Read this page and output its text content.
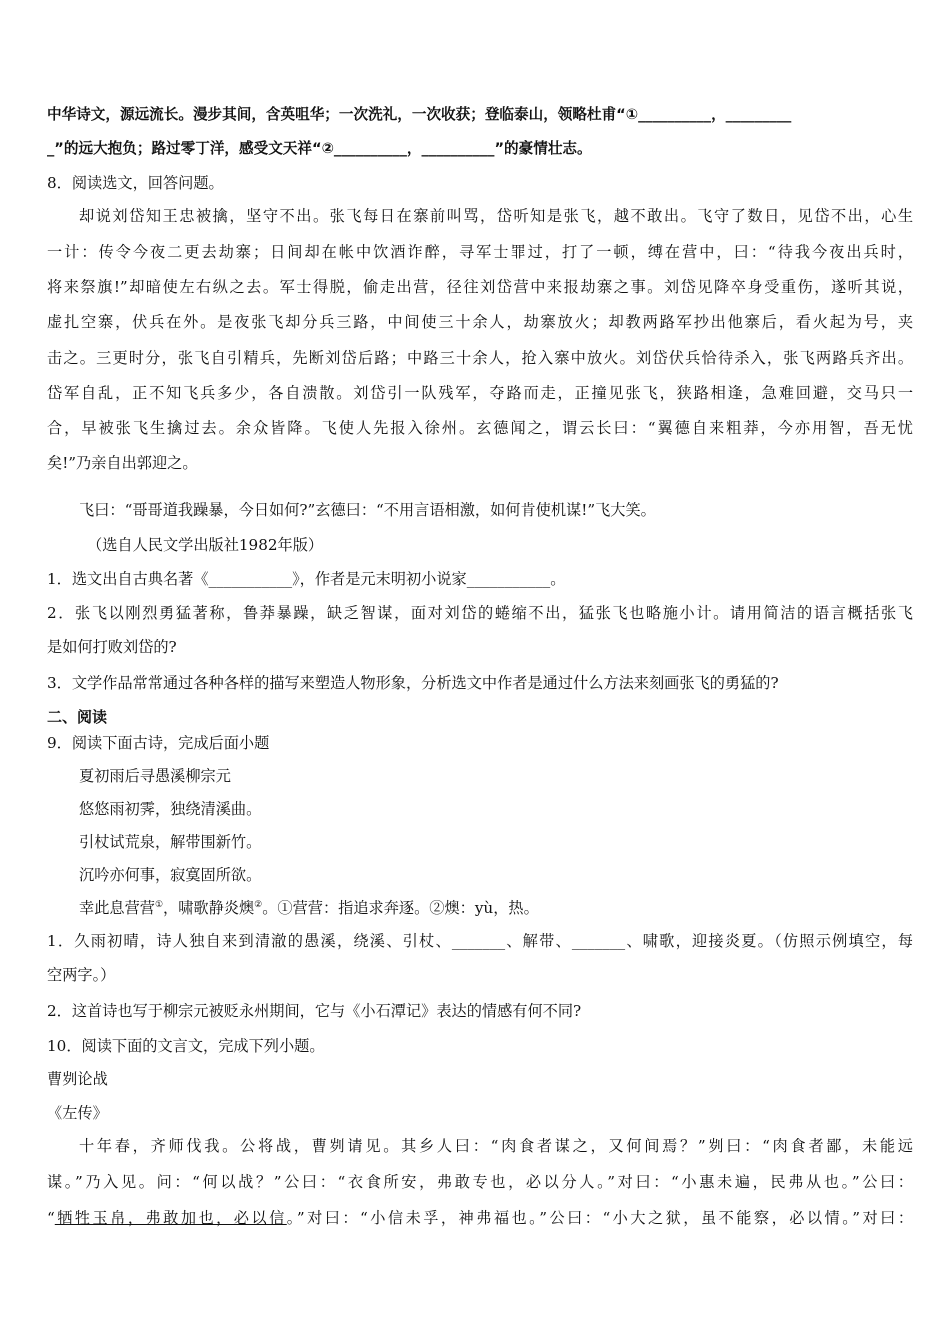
中华诗文，源远流长。漫步其间，含英咀华；一次洗礼，一次收获；登临泰山，领略杜甫“①__________，_________
_”的远大抱负；路过零丁洋，感受文天祥“②__________，__________”的豪情壮志。
8．阅读选文，回答问题。
却说刘岱知王忠被擒，坚守不出。张飞每日在寨前叫骂，岱听知是张飞，越不敢出。飞守了数日，见岱不出，心生
一计：传令今夜二更去劫寨；日间却在帐中饮酒诈醉，寻军士罪过，打了一顿，缚在营中，曰：“待我今夜出兵时，
将来祭旗!”却暗使左右纵之去。军士得脱，偷走出营，径往刘岱营中来报劫寨之事。刘岱见降卒身受重伤，遂听其说，
虚扎空寨，伏兵在外。是夜张飞却分兵三路，中间使三十余人，劫寨放火；却教两路军抄出他寨后，看火起为号，夹
击之。三更时分，张飞自引精兵，先断刘岱后路；中路三十余人，抢入寨中放火。刘岱伏兵恰待杀入，张飞两路兵齐出。
岱军自乱，正不知飞兵多少，各自溃散。刘岱引一队残军，夺路而走，正撞见张飞，狭路相逢，急难回避，交马只一
合，早被张飞生擒过去。余众皆降。飞使人先报入徐州。玄德闻之，谓云长曰：“翼德自来粗莽，今亦用智，吾无忧
矣!”乃亲自出郭迎之。
飞曰：“哥哥道我躁暴，今日如何?”玄德曰：“不用言语相激，如何肯使机谋!”飞大笑。
（选自人民文学出版社1982年版）
1．选文出自古典名著《___________》，作者是元末明初小说家___________。
2．张飞以刚烈勇猛著称，鲁莽暴躁，缺乏智谋，面对刘岱的蜷缩不出，猛张飞也略施小计。请用简洁的语言概括张飞
是如何打败刘岱的?
3．文学作品常常通过各种各样的描写来塑造人物形象，分析选文中作者是通过什么方法来刻画张飞的勇猛的?
二、阅读
9．阅读下面古诗，完成后面小题
夏初雨后寻愚溪柳宗元
悠悠雨初霁，独绕清溪曲。
引杖试荒泉，解带围新竹。
沉吟亦何事，寂寞固所欲。
幸此息营营①，啸歌静炎燠②。①营营：指追求奔逐。②燠：yù，热。
1．久雨初晴，诗人独自来到清澈的愚溪，绕溪、引杖、_______、解带、_______、啸歌，迎接炎夏。（仿照示例填空，每
空两字。）
2．这首诗也写于柳宗元被贬永州期间，它与《小石潭记》表达的情感有何不同?
10．阅读下面的文言文，完成下列小题。
曹刿论战
《左传》
十年春，齐师伐我。公将战，曹刿请见。其乡人曰：“肉食者谋之，又何间焉？”刿曰：“肉食者鄙，未能远
谋。”乃入见。问：“何以战？”公曰：“衣食所安，弗敢专也，必以分人。”对曰：“小惠未遍，民弗从也。”公曰：
“牺牲玉帛，弗敢加也，必以信。”对曰：“小信未孚，神弗福也。”公曰：“小大之狱，虽不能察，必以情。”对曰：
